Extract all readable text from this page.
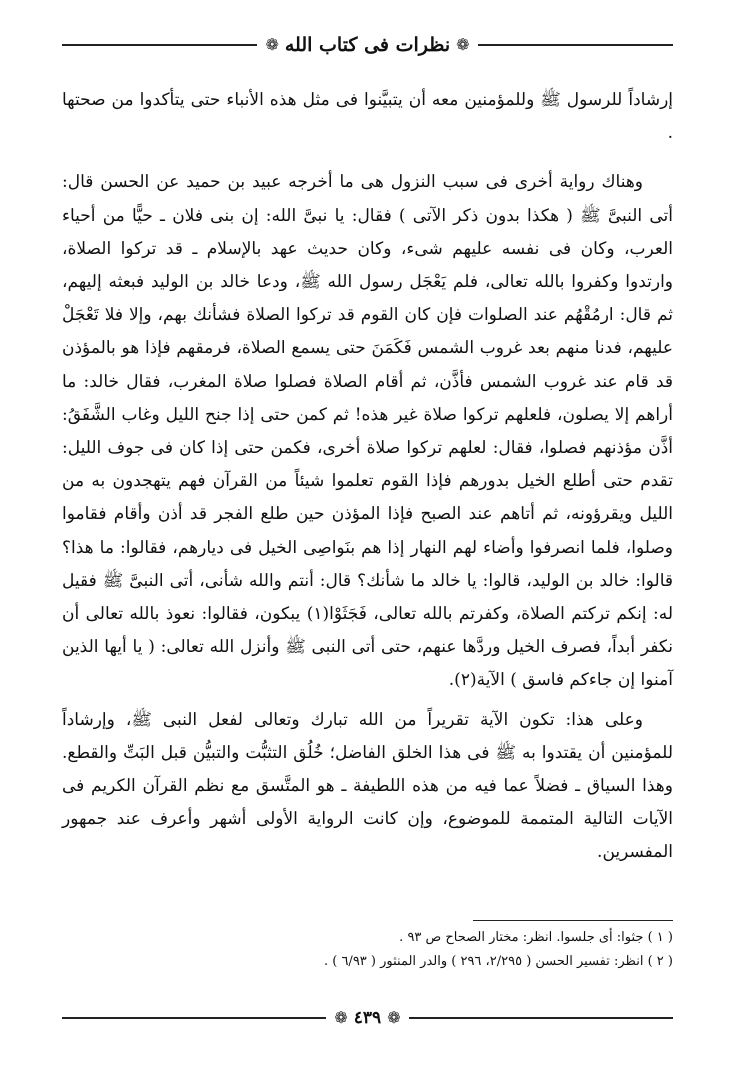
❁
نظرات فى كتاب الله
❁

إرشاداً للرسول ﷺ وللمؤمنين معه أن يتبيَّنوا فى مثل هذه الأنباء حتى يتأكدوا من صحتها .

وهناك رواية أخرى فى سبب النزول هى ما أخرجه عبيد بن حميد عن الحسن قال: أتى النبىَّ ﷺ ( هكذا بدون ذكر الآتى ) فقال: يا نبىَّ الله: إن بنى فلان ـ حيًّا من أحياء العرب، وكان فى نفسه عليهم شىء، وكان حديث عهد بالإسلام ـ قد تركوا الصلاة، وارتدوا وكفروا بالله تعالى، فلم يَعْجَل رسول الله ﷺ، ودعا خالد بن الوليد فبعثه إليهم، ثم قال: ارمُقْهُم عند الصلوات فإن كان القوم قد تركوا الصلاة فشأنك بهم، وإلا فلا تَعْجَلْ عليهم، فدنا منهم بعد غروب الشمس فَكَمَنَ حتى يسمع الصلاة، فرمقهم فإذا هو بالمؤذن قد قام عند غروب الشمس فأذَّن، ثم أقام الصلاة فصلوا صلاة المغرب، فقال خالد: ما أراهم إلا يصلون، فلعلهم تركوا صلاة غير هذه! ثم كمن حتى إذا جنح الليل وغاب الشَّفَقُ: أذَّن مؤذنهم فصلوا، فقال: لعلهم تركوا صلاة أخرى، فكمن حتى إذا كان فى جوف الليل: تقدم حتى أطلع الخيل بدورهم فإذا القوم تعلموا شيئاً من القرآن فهم يتهجدون به من الليل ويقرؤونه، ثم أتاهم عند الصبح فإذا المؤذن حين طلع الفجر قد أذن وأقام فقاموا وصلوا، فلما انصرفوا وأضاء لهم النهار إذا هم بنَواصِى الخيل فى ديارهم، فقالوا: ما هذا؟ قالوا: خالد بن الوليد، قالوا: يا خالد ما شأنك؟ قال: أنتم والله شأنى، أتى النبىَّ ﷺ فقيل له: إنكم تركتم الصلاة، وكفرتم بالله تعالى، فَجَثَوْا(١) يبكون، فقالوا: نعوذ بالله تعالى أن نكفر أبداً، فصرف الخيل وردَّها عنهم، حتى أتى النبى ﷺ وأنزل الله تعالى: ( يا أيها الذين آمنوا إن جاءكم فاسق ) الآية(٢).

وعلى هذا: تكون الآية تقريراً من الله تبارك وتعالى لفعل النبى ﷺ، وإرشاداً للمؤمنين أن يقتدوا به ﷺ فى هذا الخلق الفاضل؛ خُلُق التثبُّت والتبيُّن قبل البَتِّ والقطع. وهذا السياق ـ فضلاً عما فيه من هذه اللطيفة ـ هو المتَّسق مع نظم القرآن الكريم فى الآيات التالية المتممة للموضوع، وإن كانت الرواية الأولى أشهر وأعرف عند جمهور المفسرين.

( ١ ) جثوا: أى جلسوا. انظر: مختار الصحاح ص ٩٣ .
( ٢ ) انظر: تفسير الحسن ( ٢/٢٩٥، ٢٩٦ ) والدر المنثور ( ٦/٩٣ ) .
❁
٤٣٩
❁
